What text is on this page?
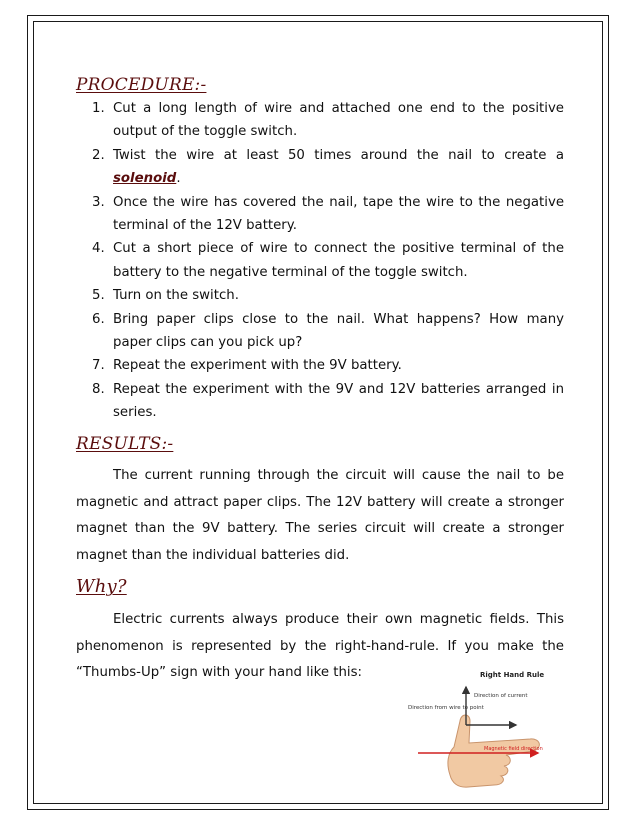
PROCEDURE:-
1. Cut a long length of wire and attached one end to the positive output of the toggle switch.
2. Twist the wire at least 50 times around the nail to create a solenoid.
3. Once the wire has covered the nail, tape the wire to the negative terminal of the 12V battery.
4. Cut a short piece of wire to connect the positive terminal of the battery to the negative terminal of the toggle switch.
5. Turn on the switch.
6. Bring paper clips close to the nail. What happens? How many paper clips can you pick up?
7. Repeat the experiment with the 9V battery.
8. Repeat the experiment with the 9V and 12V batteries arranged in series.
RESULTS:-

The current running through the circuit will cause the nail to be magnetic and attract paper clips. The 12V battery will create a stronger magnet than the 9V battery. The series circuit will create a stronger magnet than the individual batteries did.

Why?

Electric currents always produce their own magnetic fields. This phenomenon is represented by the right-hand-rule. If you make the “Thumbs-Up” sign with your hand like this:	Right Hand Rule
Direction of current
Direction from wire to point
Magnetic field direction
